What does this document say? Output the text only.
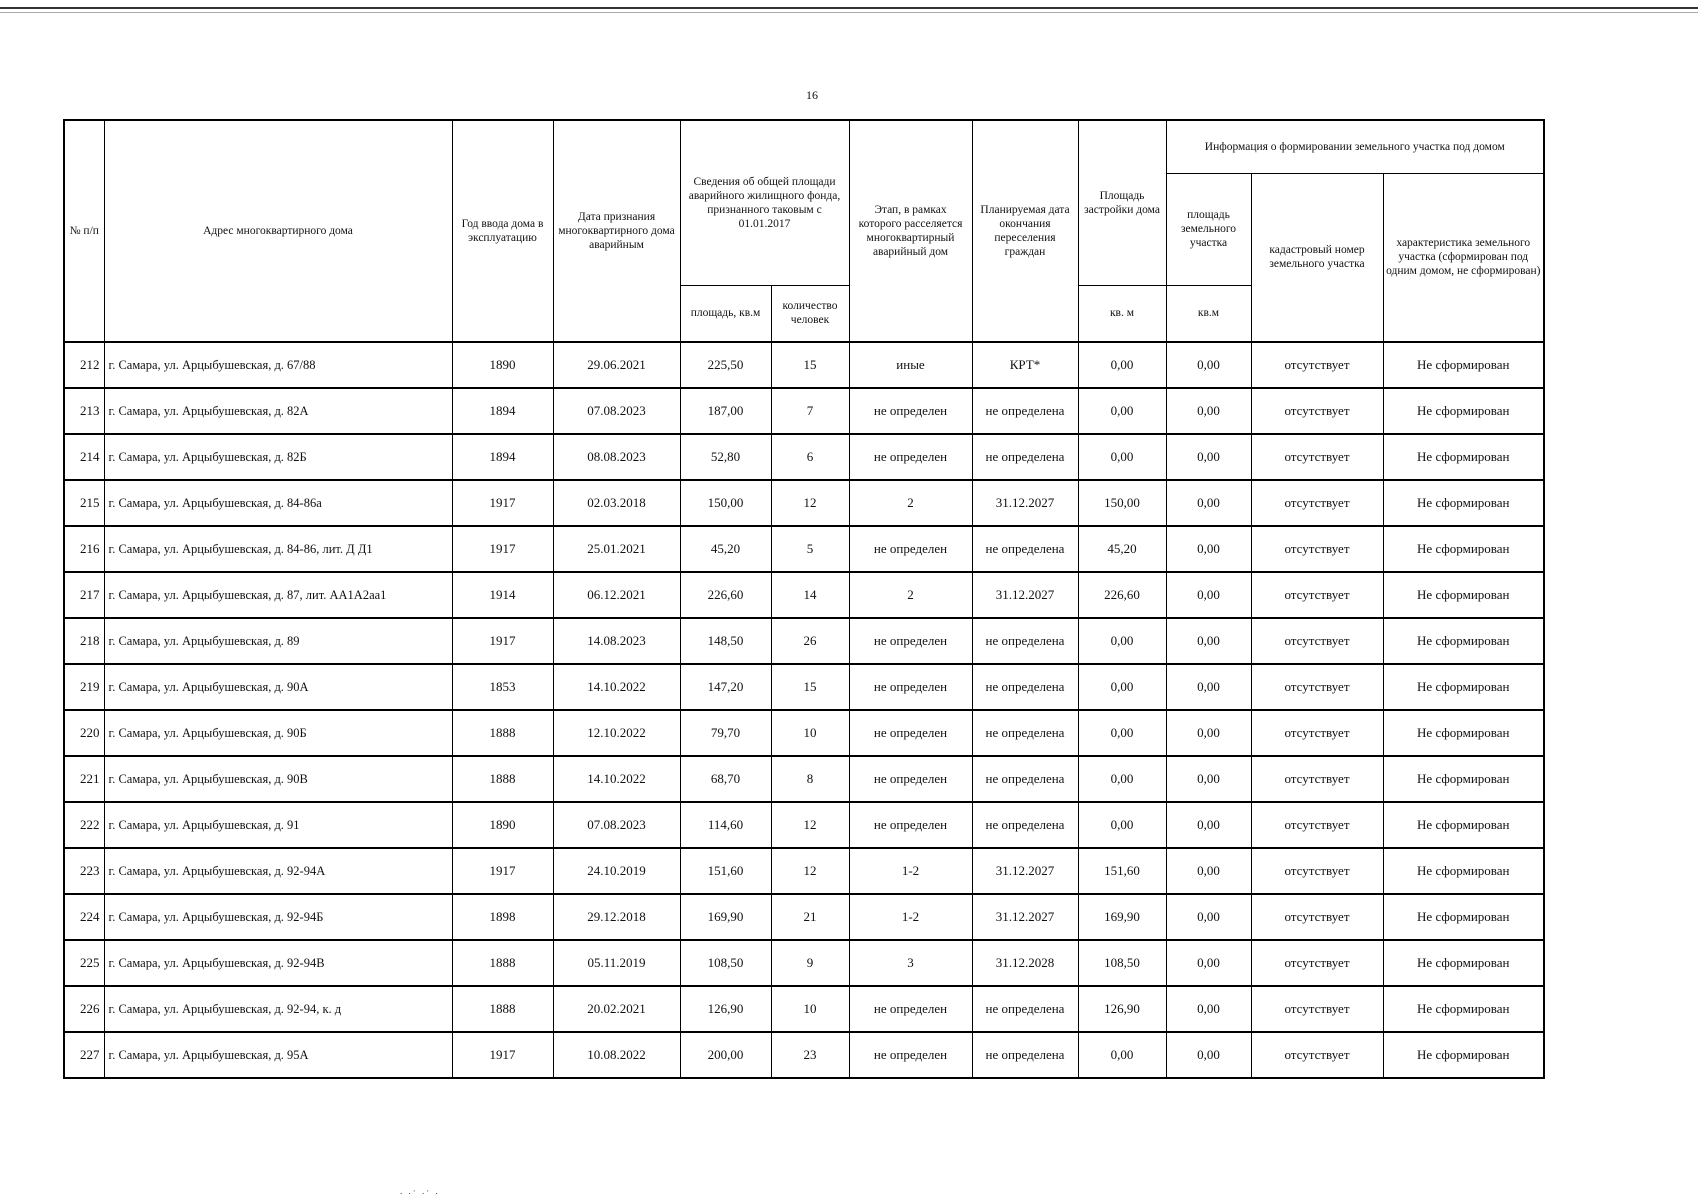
16
№ п/п	Адрес многоквартирного дома	Год ввода дома в эксплуатацию	Дата признания многоквартирного дома аварийным	Сведения об общей площади аварийного жилищного фонда, признанного таковым с 01.01.2017		Этап, в рамках которого расселяется многоквартирный аварийный дом	Планируемая дата окончания переселения граждан	Площадь застройки дома	Информация о формировании земельного участка под домом		
									площадь земельного участка	кадастровый номер земельного участка	характеристика земельного участка (сформирован под одним домом, не сформирован)
				площадь, кв.м	количество человек			кв. м	кв.м		
212	г. Самара, ул. Арцыбушевская, д. 67/88	1890	29.06.2021	225,50	15	иные	КРТ*	0,00	0,00	отсутствует	Не сформирован
213	г. Самара, ул. Арцыбушевская, д. 82А	1894	07.08.2023	187,00	7	не определен	не определена	0,00	0,00	отсутствует	Не сформирован
214	г. Самара, ул. Арцыбушевская, д. 82Б	1894	08.08.2023	52,80	6	не определен	не определена	0,00	0,00	отсутствует	Не сформирован
215	г. Самара, ул. Арцыбушевская, д. 84-86а	1917	02.03.2018	150,00	12	2	31.12.2027	150,00	0,00	отсутствует	Не сформирован
216	г. Самара, ул. Арцыбушевская, д. 84-86, лит. Д Д1	1917	25.01.2021	45,20	5	не определен	не определена	45,20	0,00	отсутствует	Не сформирован
217	г. Самара, ул. Арцыбушевская, д. 87, лит. АА1А2аа1	1914	06.12.2021	226,60	14	2	31.12.2027	226,60	0,00	отсутствует	Не сформирован
218	г. Самара, ул. Арцыбушевская, д. 89	1917	14.08.2023	148,50	26	не определен	не определена	0,00	0,00	отсутствует	Не сформирован
219	г. Самара, ул. Арцыбушевская, д. 90А	1853	14.10.2022	147,20	15	не определен	не определена	0,00	0,00	отсутствует	Не сформирован
220	г. Самара, ул. Арцыбушевская, д. 90Б	1888	12.10.2022	79,70	10	не определен	не определена	0,00	0,00	отсутствует	Не сформирован
221	г. Самара, ул. Арцыбушевская, д. 90В	1888	14.10.2022	68,70	8	не определен	не определена	0,00	0,00	отсутствует	Не сформирован
222	г. Самара, ул. Арцыбушевская, д. 91	1890	07.08.2023	114,60	12	не определен	не определена	0,00	0,00	отсутствует	Не сформирован
223	г. Самара, ул. Арцыбушевская, д. 92-94А	1917	24.10.2019	151,60	12	1-2	31.12.2027	151,60	0,00	отсутствует	Не сформирован
224	г. Самара, ул. Арцыбушевская, д. 92-94Б	1898	29.12.2018	169,90	21	1-2	31.12.2027	169,90	0,00	отсутствует	Не сформирован
225	г. Самара, ул. Арцыбушевская, д. 92-94В	1888	05.11.2019	108,50	9	3	31.12.2028	108,50	0,00	отсутствует	Не сформирован
226	г. Самара, ул. Арцыбушевская, д. 92-94, к. д	1888	20.02.2021	126,90	10	не определен	не определена	126,90	0,00	отсутствует	Не сформирован
227	г. Самара, ул. Арцыбушевская, д. 95А	1917	10.08.2022	200,00	23	не определен	не определена	0,00	0,00	отсутствует	Не сформирован
. .· .· .
